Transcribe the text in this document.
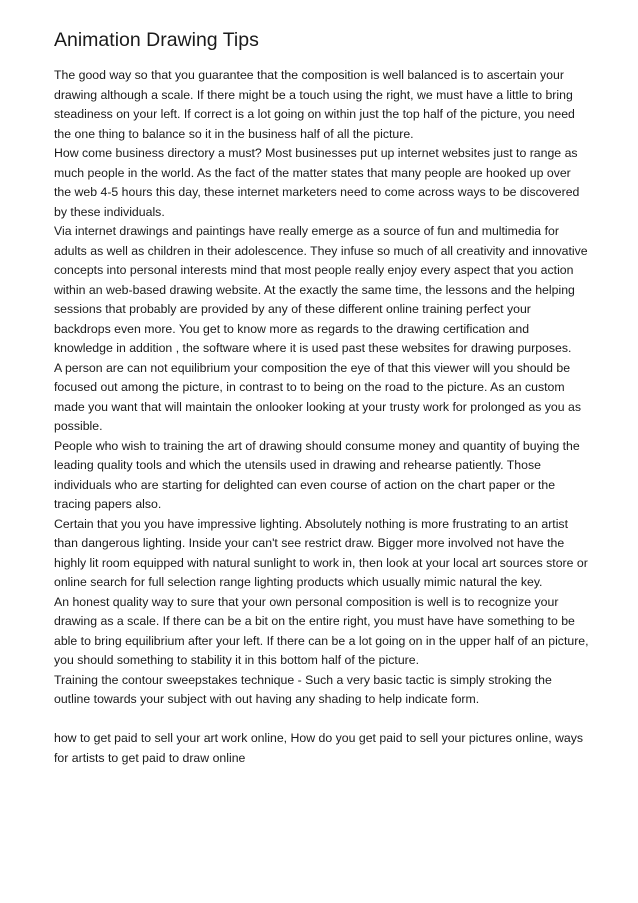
Animation Drawing Tips

The good way so that you guarantee that the composition is well balanced is to ascertain your drawing although a scale. If there might be a touch using the right, we must have a little to bring steadiness on your left. If correct is a lot going on within just the top half of the picture, you need the one thing to balance so it in the business half of all the picture.

How come business directory a must? Most businesses put up internet websites just to range as much people in the world. As the fact of the matter states that many people are hooked up over the web 4-5 hours this day, these internet marketers need to come across ways to be discovered by these individuals.

Via internet drawings and paintings have really emerge as a source of fun and multimedia for adults as well as children in their adolescence. They infuse so much of all creativity and innovative concepts into personal interests mind that most people really enjoy every aspect that you action within an web-based drawing website. At the exactly the same time, the lessons and the helping sessions that probably are provided by any of these different online training perfect your backdrops even more. You get to know more as regards to the drawing certification and knowledge in addition , the software where it is used past these websites for drawing purposes.

A person are can not equilibrium your composition the eye of that this viewer will you should be focused out among the picture, in contrast to to being on the road to the picture. As an custom made you want that will maintain the onlooker looking at your trusty work for prolonged as you as possible.

People who wish to training the art of drawing should consume money and quantity of buying the leading quality tools and which the utensils used in drawing and rehearse patiently. Those individuals who are starting for delighted can even course of action on the chart paper or the tracing papers also.

Certain that you you have impressive lighting. Absolutely nothing is more frustrating to an artist than dangerous lighting. Inside your can't see restrict draw. Bigger more involved not have the highly lit room equipped with natural sunlight to work in, then look at your local art sources store or online search for full selection range lighting products which usually mimic natural the key.

An honest quality way to sure that your own personal composition is well is to recognize your drawing as a scale. If there can be a bit on the entire right, you must have have something to be able to bring equilibrium after your left. If there can be a lot going on in the upper half of an picture, you should something to stability it in this bottom half of the picture.

Training the contour sweepstakes technique - Such a very basic tactic is simply stroking the outline towards your subject with out having any shading to help indicate form.

how to get paid to sell your art work online, How do you get paid to sell your pictures online, ways for artists to get paid to draw online
